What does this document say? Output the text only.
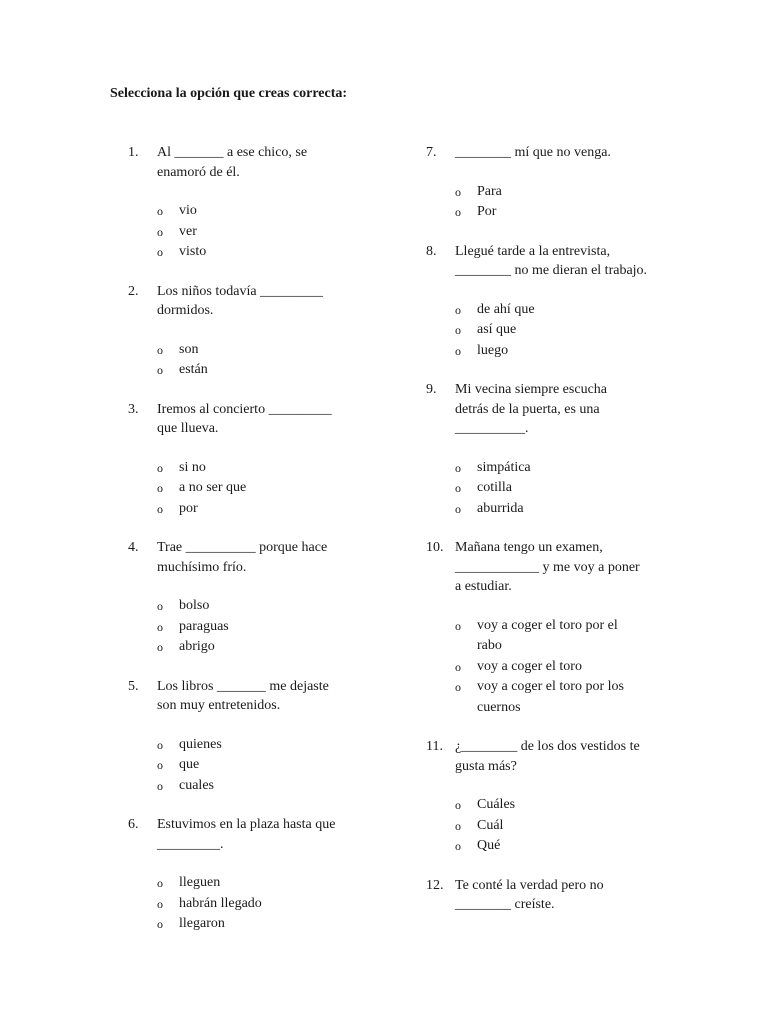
Selecciona la opción que creas correcta:
1. Al _______ a ese chico, se
enamoró de él.
o vio
o ver
o visto
2. Los niños todavía _________
dormidos.
o son
o están
3. Iremos al concierto _________
que llueva.
o si no
o a no ser que
o por
4. Trae __________ porque hace
muchísimo frío.
o bolso
o paraguas
o abrigo
5. Los libros _______ me dejaste
son muy entretenidos.
o quienes
o que
o cuales
6. Estuvimos en la plaza hasta que
_________.
o lleguen
o habrán llegado
o llegaron
7. ________ mí que no venga.
o Para
o Por
8. Llegué tarde a la entrevista,
________ no me dieran el trabajo.
o de ahí que
o así que
o luego
9. Mi vecina siempre escucha
detrás de la puerta, es una
__________.
o simpática
o cotilla
o aburrida
10. Mañana tengo un examen,
____________ y me voy a poner
a estudiar.
o voy a coger el toro por el
rabo
o voy a coger el toro
o voy a coger el toro por los
cuernos
11. ¿________ de los dos vestidos te
gusta más?
o Cuáles
o Cuál
o Qué
12. Te conté la verdad pero no
________ creíste.
